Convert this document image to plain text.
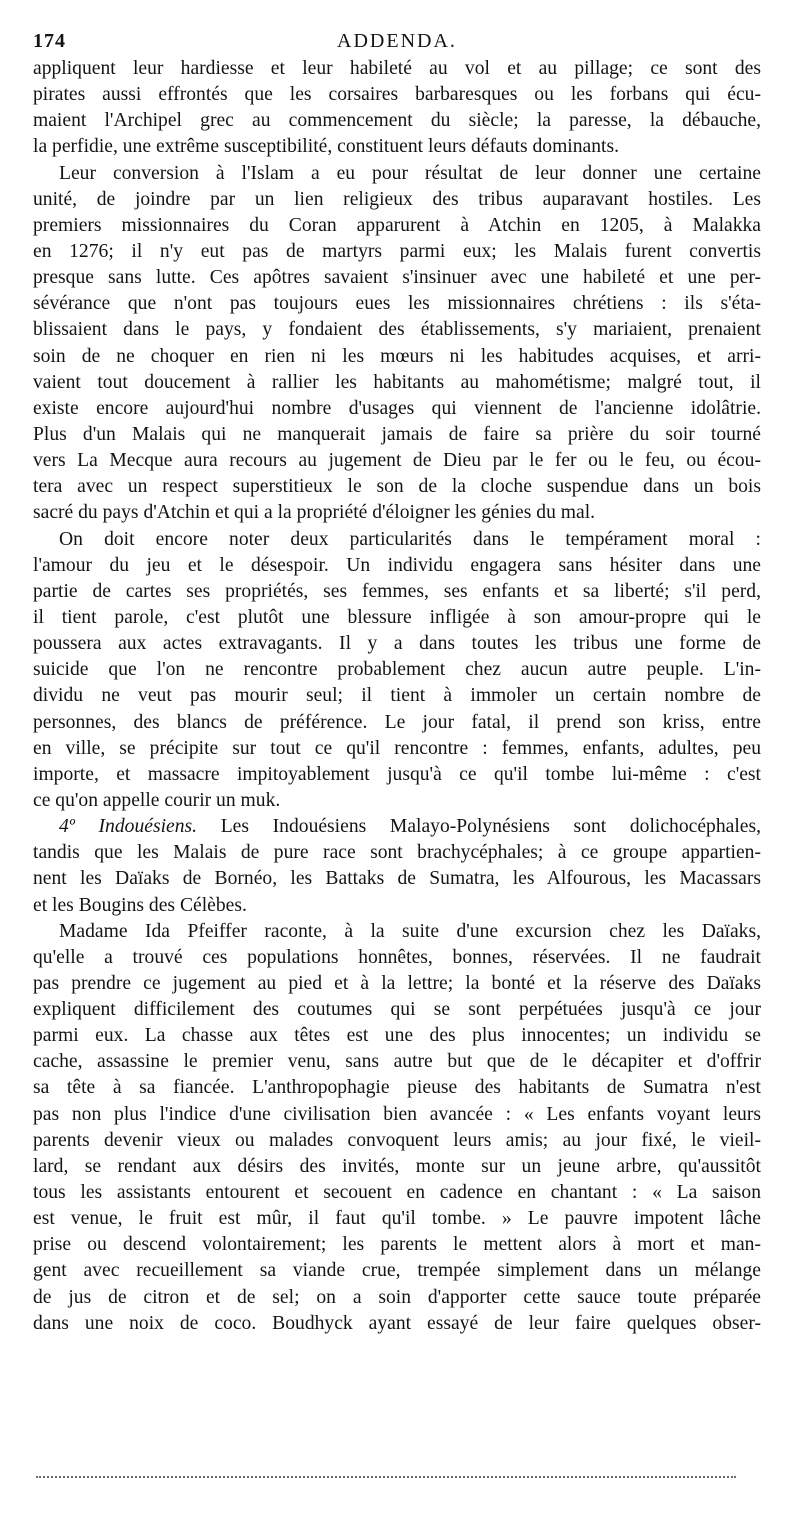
ADDENDA.
174
appliquent leur hardiesse et leur habileté au vol et au pillage; ce sont des
pirates aussi effrontés que les corsaires barbaresques ou les forbans qui écu-
maient l'Archipel grec au commencement du siècle; la paresse, la débauche,
la perfidie, une extrême susceptibilité, constituent leurs défauts dominants.
Leur conversion à l'Islam a eu pour résultat de leur donner une certaine
unité, de joindre par un lien religieux des tribus auparavant hostiles. Les
premiers missionnaires du Coran apparurent à Atchin en 1205, à Malakka
en 1276; il n'y eut pas de martyrs parmi eux; les Malais furent convertis
presque sans lutte. Ces apôtres savaient s'insinuer avec une habileté et une per-
sévérance que n'ont pas toujours eues les missionnaires chrétiens : ils s'éta-
blissaient dans le pays, y fondaient des établissements, s'y mariaient, prenaient
soin de ne choquer en rien ni les mœurs ni les habitudes acquises, et arri-
vaient tout doucement à rallier les habitants au mahométisme; malgré tout, il
existe encore aujourd'hui nombre d'usages qui viennent de l'ancienne idolâtrie.
Plus d'un Malais qui ne manquerait jamais de faire sa prière du soir tourné
vers La Mecque aura recours au jugement de Dieu par le fer ou le feu, ou écou-
tera avec un respect superstitieux le son de la cloche suspendue dans un bois
sacré du pays d'Atchin et qui a la propriété d'éloigner les génies du mal.
On doit encore noter deux particularités dans le tempérament moral :
l'amour du jeu et le désespoir. Un individu engagera sans hésiter dans une
partie de cartes ses propriétés, ses femmes, ses enfants et sa liberté; s'il perd,
il tient parole, c'est plutôt une blessure infligée à son amour-propre qui le
poussera aux actes extravagants. Il y a dans toutes les tribus une forme de
suicide que l'on ne rencontre probablement chez aucun autre peuple. L'in-
dividu ne veut pas mourir seul; il tient à immoler un certain nombre de
personnes, des blancs de préférence. Le jour fatal, il prend son kriss, entre
en ville, se précipite sur tout ce qu'il rencontre : femmes, enfants, adultes, peu
importe, et massacre impitoyablement jusqu'à ce qu'il tombe lui-même : c'est
ce qu'on appelle courir un muk.
4º Indouésiens. Les Indouésiens Malayo-Polynésiens sont dolichocéphales,
tandis que les Malais de pure race sont brachycéphales; à ce groupe appartien-
nent les Daïaks de Bornéo, les Battaks de Sumatra, les Alfourous, les Macassars
et les Bougins des Célèbes.
Madame Ida Pfeiffer raconte, à la suite d'une excursion chez les Daïaks,
qu'elle a trouvé ces populations honnêtes, bonnes, réservées. Il ne faudrait
pas prendre ce jugement au pied et à la lettre; la bonté et la réserve des Daïaks
expliquent difficilement des coutumes qui se sont perpétuées jusqu'à ce jour
parmi eux. La chasse aux têtes est une des plus innocentes; un individu se
cache, assassine le premier venu, sans autre but que de le décapiter et d'offrir
sa tête à sa fiancée. L'anthropophagie pieuse des habitants de Sumatra n'est
pas non plus l'indice d'une civilisation bien avancée : « Les enfants voyant leurs
parents devenir vieux ou malades convoquent leurs amis; au jour fixé, le vieil-
lard, se rendant aux désirs des invités, monte sur un jeune arbre, qu'aussitôt
tous les assistants entourent et secouent en cadence en chantant : « La saison
est venue, le fruit est mûr, il faut qu'il tombe. » Le pauvre impotent lâche
prise ou descend volontairement; les parents le mettent alors à mort et man-
gent avec recueillement sa viande crue, trempée simplement dans un mélange
de jus de citron et de sel; on a soin d'apporter cette sauce toute préparée
dans une noix de coco. Boudhyck ayant essayé de leur faire quelques obser-
